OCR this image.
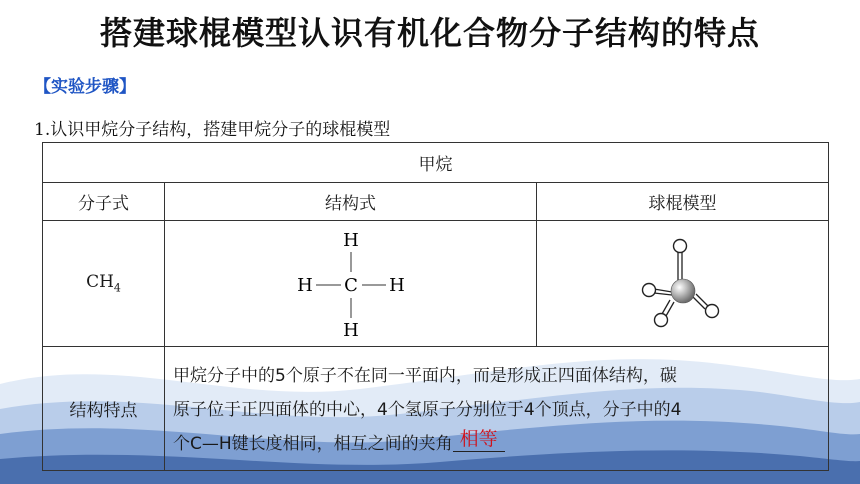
搭建球棍模型认识有机化合物分子结构的特点
【实验步骤】
1.认识甲烷分子结构，搭建甲烷分子的球棍模型
甲烷		
分子式	结构式	球棍模型
$CH_4$	H
H C H
H

结构特点	甲烷分子中的5个原子不在同一平面内，而是形成正四面体结构，碳
原子位于正四面体的中心，4个氢原子分别位于4个顶点，分子中的4
个C—H键长度相同，相互之间的夹角 相等	
